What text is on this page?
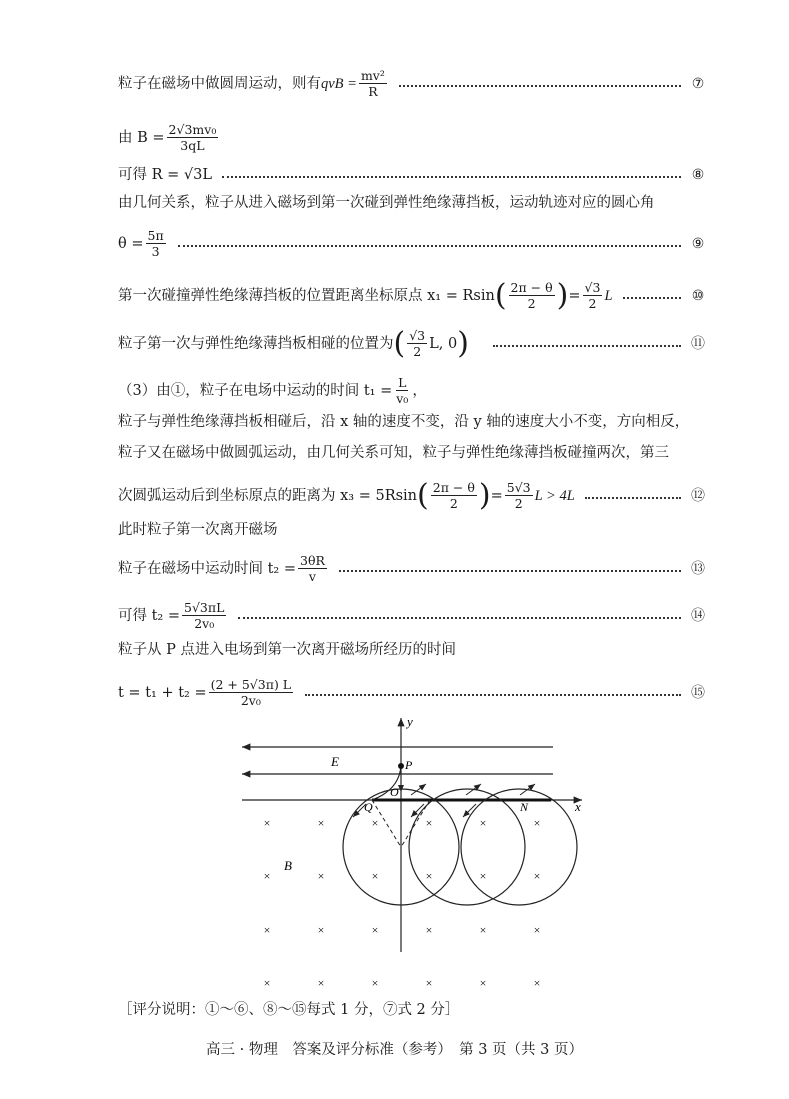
粒子在磁场中做圆周运动，则有 qvB = $\frac{\text{mv²}}{R}$	⑦
由 $B = \frac{\text{2√3mv₀}}{3qL}$
可得 R = √3L	⑧
由几何关系，粒子从进入磁场到第一次碰到弹性绝缘薄挡板，运动轨迹对应的圆心角
$\theta = \frac{5\pi}{3}$	⑨
第一次碰撞弹性绝缘薄挡板的位置距离坐标原点 x₁ = Rsin ( $\frac{2\pi - \theta}{2}$ ) = $\frac{√3}{2}$ L	⑩
粒子第一次与弹性绝缘薄挡板相碰的位置为 ( $\frac{√3}{2} L$, 0 )	⑪
（3）由①，粒子在电场中运动的时间 $t_1 = \frac{L}{\text{v₀}}$ ，
粒子与弹性绝缘薄挡板相碰后，沿 x 轴的速度不变，沿 y 轴的速度大小不变，方向相反，
粒子又在磁场中做圆弧运动，由几何关系可知，粒子与弹性绝缘薄挡板碰撞两次，第三
次圆弧运动后到坐标原点的距离为 x₃ = 5Rsin ( $\frac{2\pi - \theta}{2}$ ) = $\frac{5√3}{2}$ L > 4L	⑫
此时粒子第一次离开磁场
粒子在磁场中运动时间 $t_2 = \frac{3\theta R}{v}$	⑬
可得 $t_2 = \frac{5√3\pi L}{\text{2v₀}}$	⑭
粒子从 P 点进入电场到第一次离开磁场所经历的时间
$t = t_1 + t_2 = \frac{(2 + 5√3\pi) L}{\text{2v₀}}$	⑮
y
x
E	P
O
Q	N
B
×	×	×	×	×	×
×	×	×	×	×	×
×	×	×	×	×	×
×	×	×	×	×	×
［评分说明：①～⑥、⑧～⑮每式 1 分，⑦式 2 分］
高三 · 物理　答案及评分标准（参考）　第 3 页（共 3 页）
